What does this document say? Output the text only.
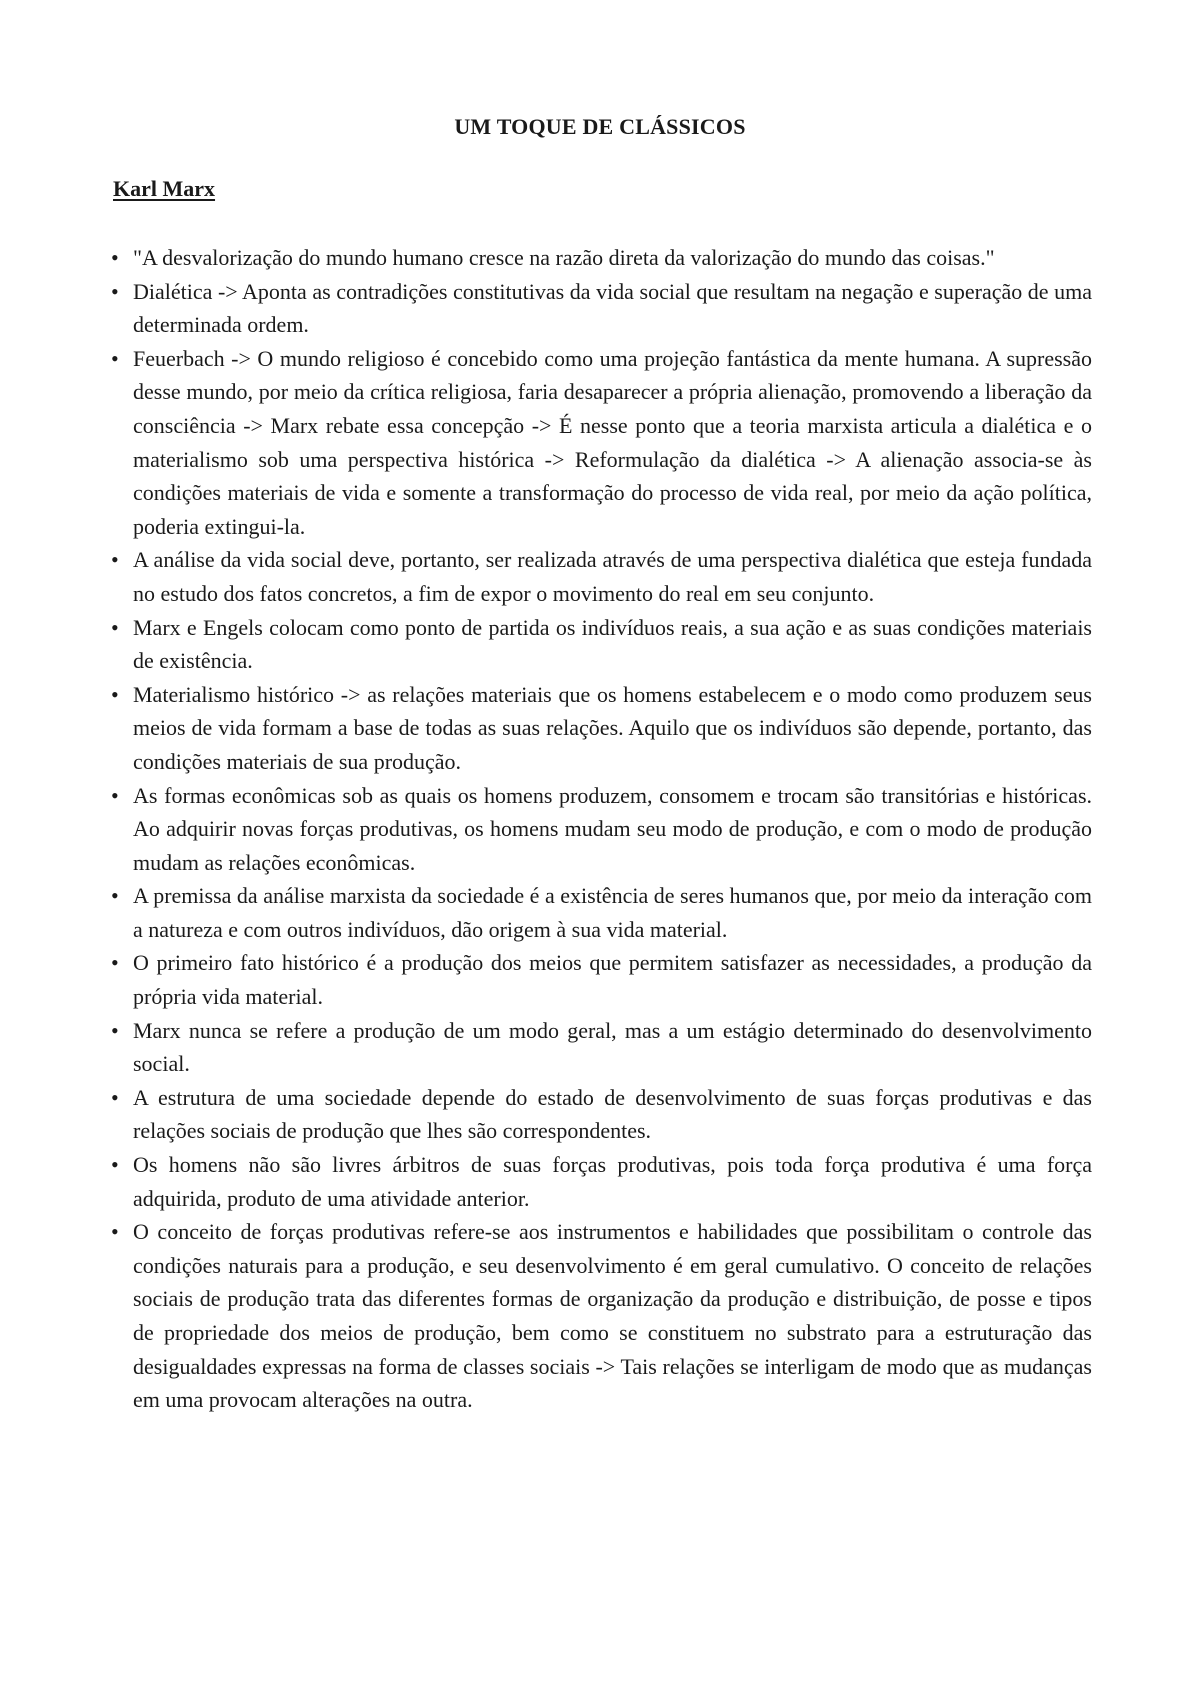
UM TOQUE DE CLÁSSICOS
Karl Marx
• "A desvalorização do mundo humano cresce na razão direta da valorização do mundo das coisas."
• Dialética -> Aponta as contradições constitutivas da vida social que resultam na negação e superação de uma determinada ordem.
• Feuerbach -> O mundo religioso é concebido como uma projeção fantástica da mente humana. A supressão desse mundo, por meio da crítica religiosa, faria desaparecer a própria alienação, promovendo a liberação da consciência -> Marx rebate essa concepção -> É nesse ponto que a teoria marxista articula a dialética e o materialismo sob uma perspectiva histórica -> Reformulação da dialética -> A alienação associa-se às condições materiais de vida e somente a transformação do processo de vida real, por meio da ação política, poderia extingui-la.
• A análise da vida social deve, portanto, ser realizada através de uma perspectiva dialética que esteja fundada no estudo dos fatos concretos, a fim de expor o movimento do real em seu conjunto.
• Marx e Engels colocam como ponto de partida os indivíduos reais, a sua ação e as suas condições materiais de existência.
• Materialismo histórico -> as relações materiais que os homens estabelecem e o modo como produzem seus meios de vida formam a base de todas as suas relações. Aquilo que os indivíduos são depende, portanto, das condições materiais de sua produção.
• As formas econômicas sob as quais os homens produzem, consomem e trocam são transitórias e históricas. Ao adquirir novas forças produtivas, os homens mudam seu modo de produção, e com o modo de produção mudam as relações econômicas.
• A premissa da análise marxista da sociedade é a existência de seres humanos que, por meio da interação com a natureza e com outros indivíduos, dão origem à sua vida material.
• O primeiro fato histórico é a produção dos meios que permitem satisfazer as necessidades, a produção da própria vida material.
• Marx nunca se refere a produção de um modo geral, mas a um estágio determinado do desenvolvimento social.
• A estrutura de uma sociedade depende do estado de desenvolvimento de suas forças produtivas e das relações sociais de produção que lhes são correspondentes.
• Os homens não são livres árbitros de suas forças produtivas, pois toda força produtiva é uma força adquirida, produto de uma atividade anterior.
• O conceito de forças produtivas refere-se aos instrumentos e habilidades que possibilitam o controle das condições naturais para a produção, e seu desenvolvimento é em geral cumulativo. O conceito de relações sociais de produção trata das diferentes formas de organização da produção e distribuição, de posse e tipos de propriedade dos meios de produção, bem como se constituem no substrato para a estruturação das desigualdades expressas na forma de classes sociais -> Tais relações se interligam de modo que as mudanças em uma provocam alterações na outra.
